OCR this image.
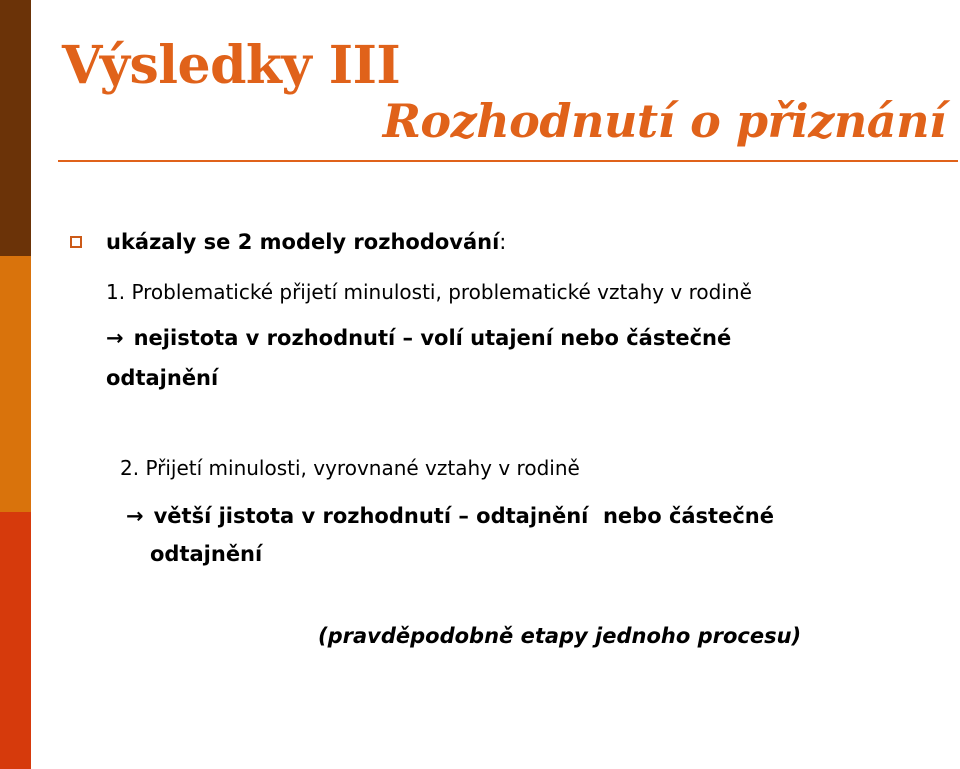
Výsledky III
Rozhodnutí o přiznání

ukázaly se 2 modely rozhodování:

1. Problematické přijetí minulosti, problematické vztahy v rodině

→ nejistota v rozhodnutí – volí utajení nebo částečné

odtajnění

2. Přijetí minulosti, vyrovnané vztahy v rodině

→ větší jistota v rozhodnutí – odtajnění  nebo částečné

odtajnění

(pravděpodobně etapy jednoho procesu)
